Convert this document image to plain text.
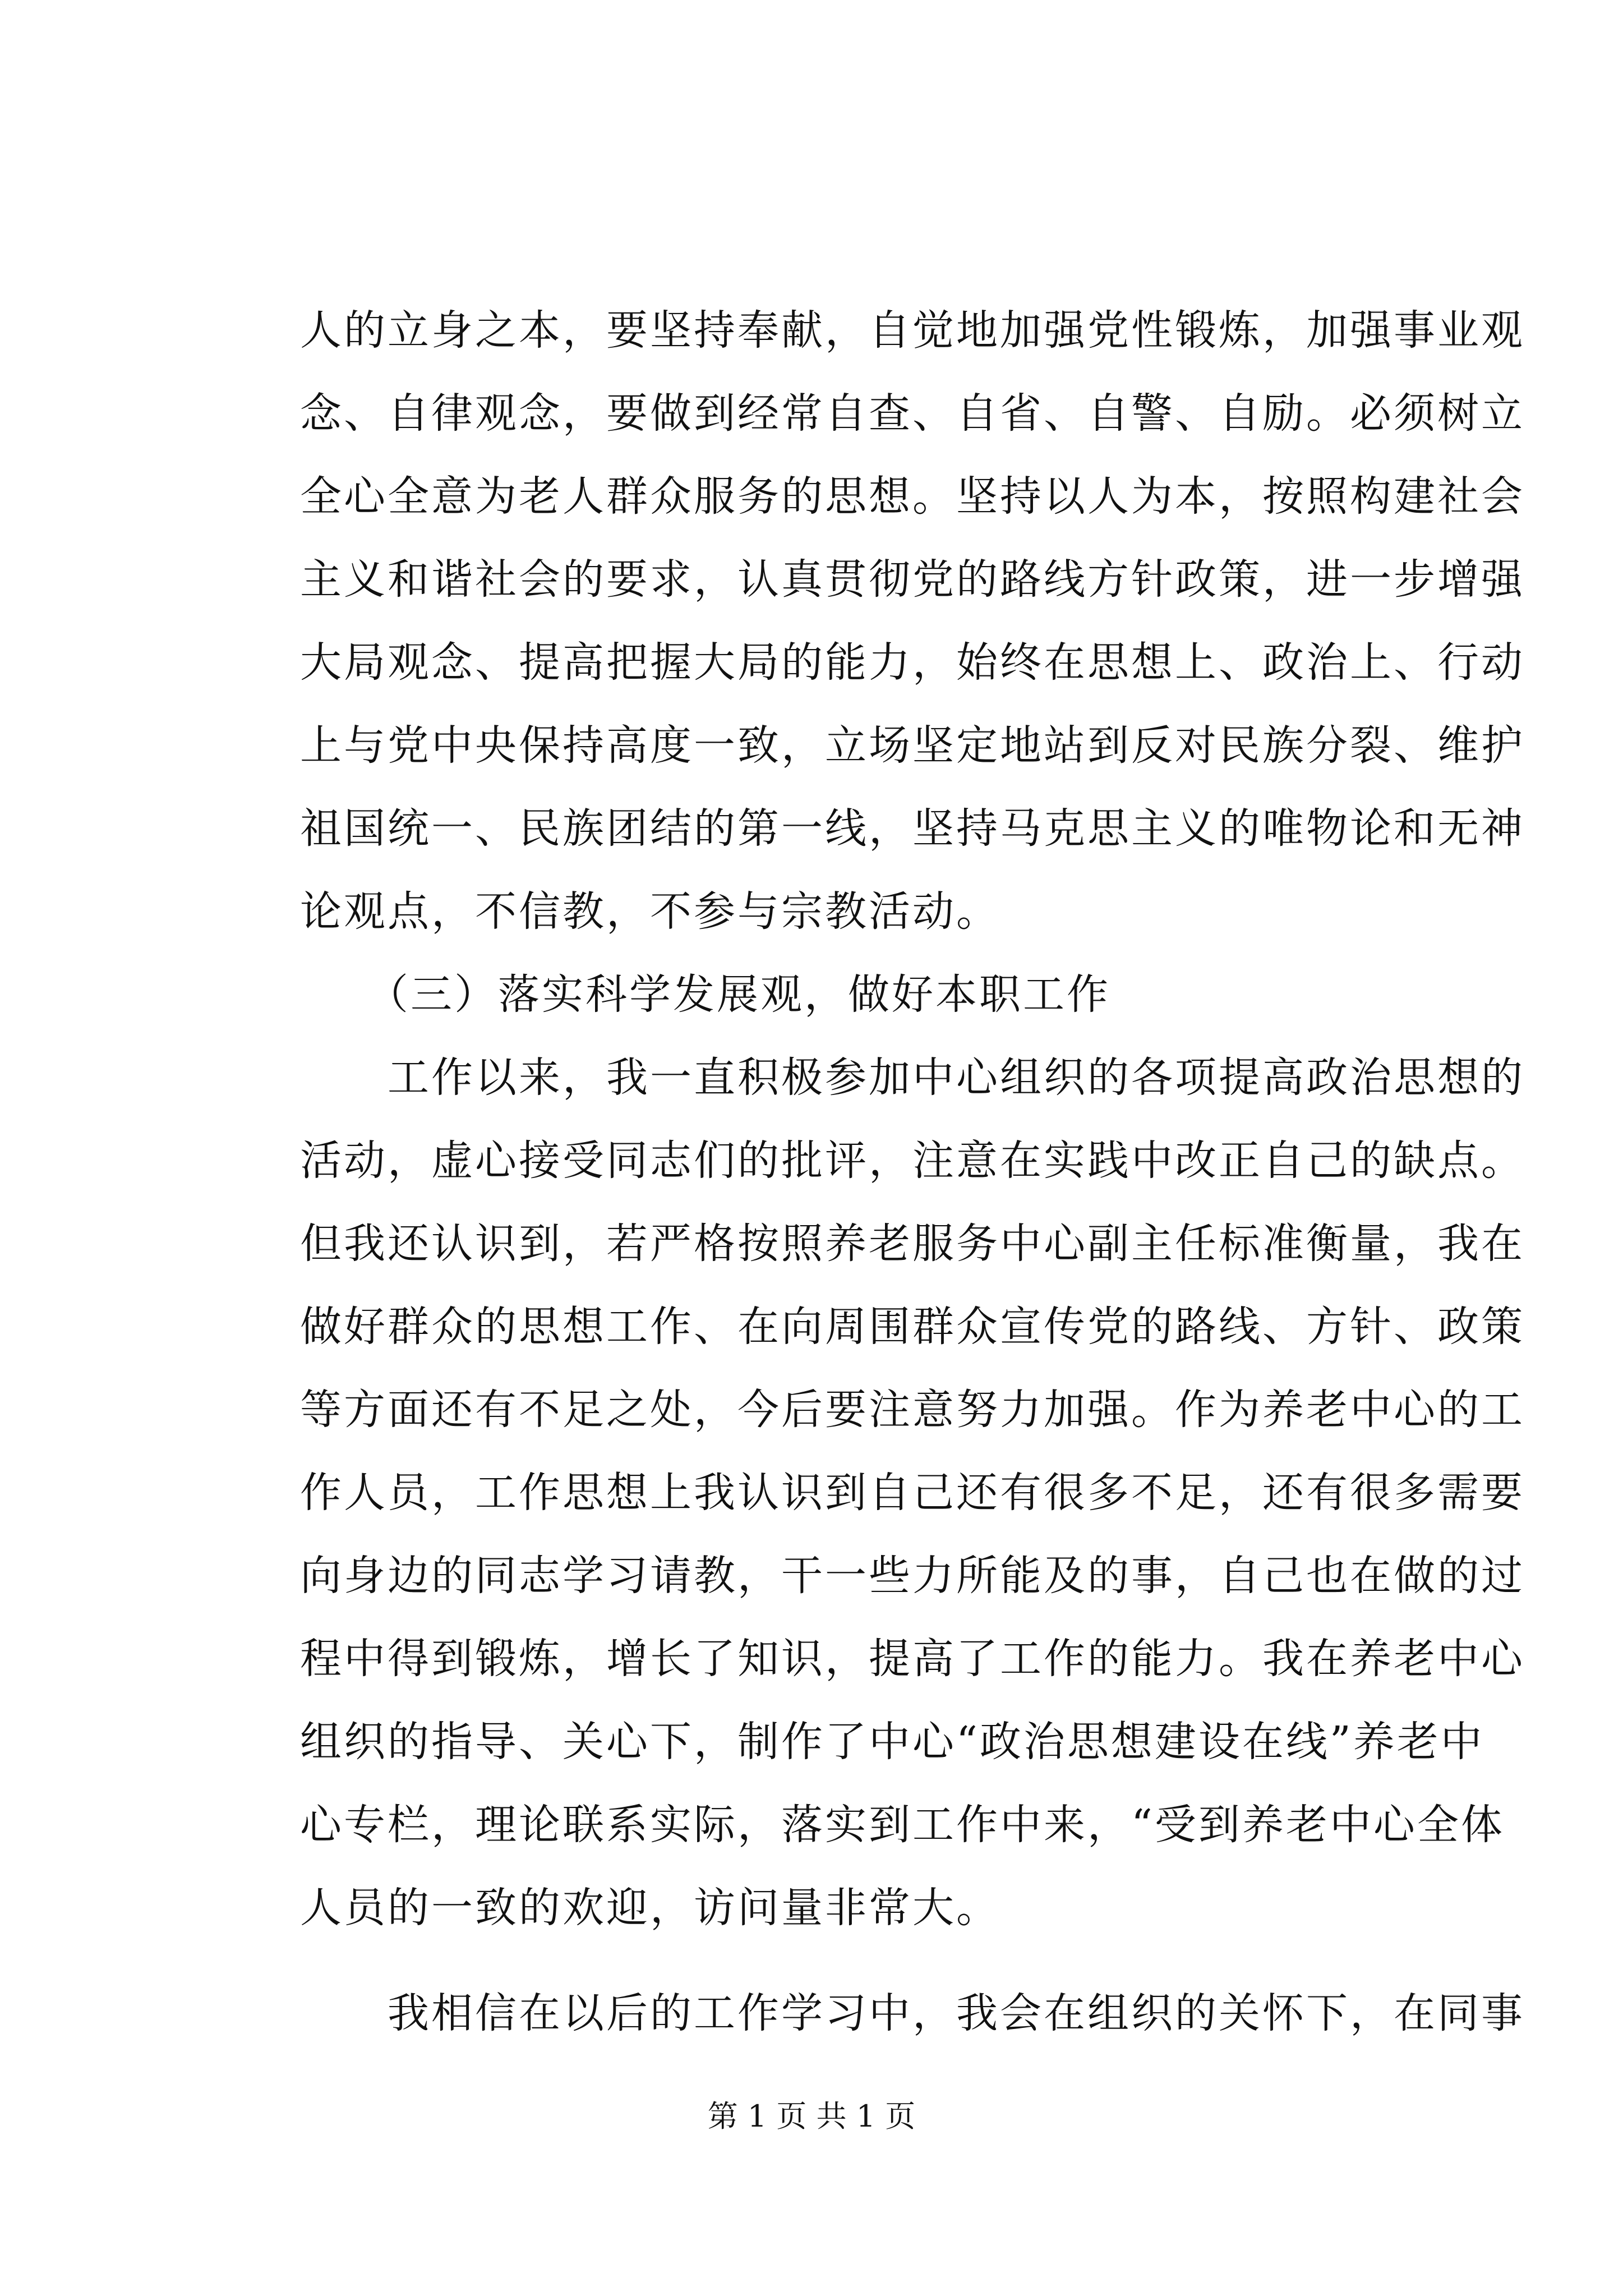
人的立身之本，要坚持奉献，自觉地加强党性锻炼，加强事业观
念、自律观念，要做到经常自查、自省、自警、自励。必须树立
全心全意为老人群众服务的思想。坚持以人为本，按照构建社会
主义和谐社会的要求，认真贯彻党的路线方针政策，进一步增强
大局观念、提高把握大局的能力，始终在思想上、政治上、行动
上与党中央保持高度一致，立场坚定地站到反对民族分裂、维护
祖国统一、民族团结的第一线，坚持马克思主义的唯物论和无神
论观点，不信教，不参与宗教活动。
　　（三）落实科学发展观，做好本职工作
　　工作以来，我一直积极参加中心组织的各项提高政治思想的
活动，虚心接受同志们的批评，注意在实践中改正自己的缺点。
但我还认识到，若严格按照养老服务中心副主任标准衡量，我在
做好群众的思想工作、在向周围群众宣传党的路线、方针、政策
等方面还有不足之处，今后要注意努力加强。作为养老中心的工
作人员，工作思想上我认识到自己还有很多不足，还有很多需要
向身边的同志学习请教，干一些力所能及的事，自己也在做的过
程中得到锻炼，增长了知识，提高了工作的能力。我在养老中心
组织的指导、关心下，制作了中心“政治思想建设在线”养老中
心专栏，理论联系实际，落实到工作中来，“受到养老中心全体
人员的一致的欢迎，访问量非常大。
　　我相信在以后的工作学习中，我会在组织的关怀下，在同事
第 1 页 共 1 页
